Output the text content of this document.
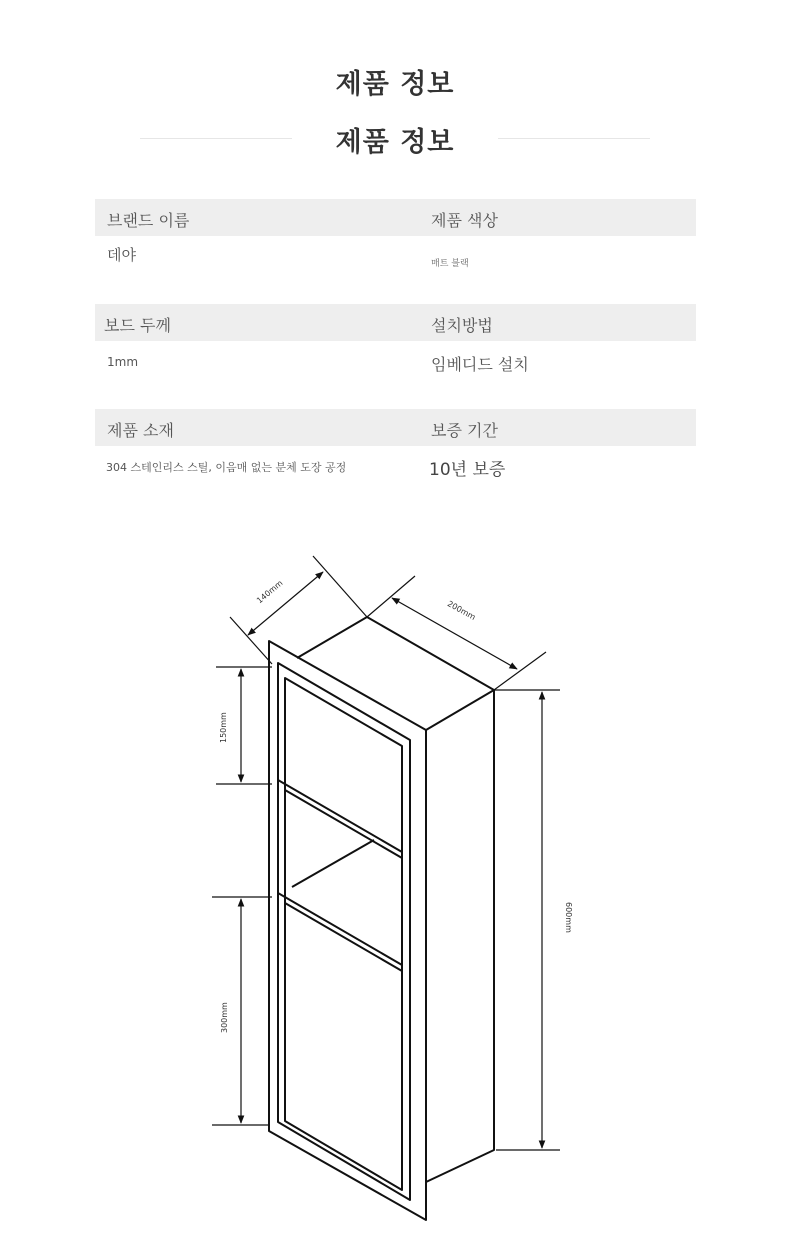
제품 정보
제품 정보
브랜드 이름	제품 색상
데야	매트 블랙
보드 두께	설치방법
1mm	임베디드 설치
제품 소재	보증 기간
304 스테인리스 스틸, 이음매 없는 분체 도장 공정	10년 보증
140mm
200mm
600mm
150mm
300mm
